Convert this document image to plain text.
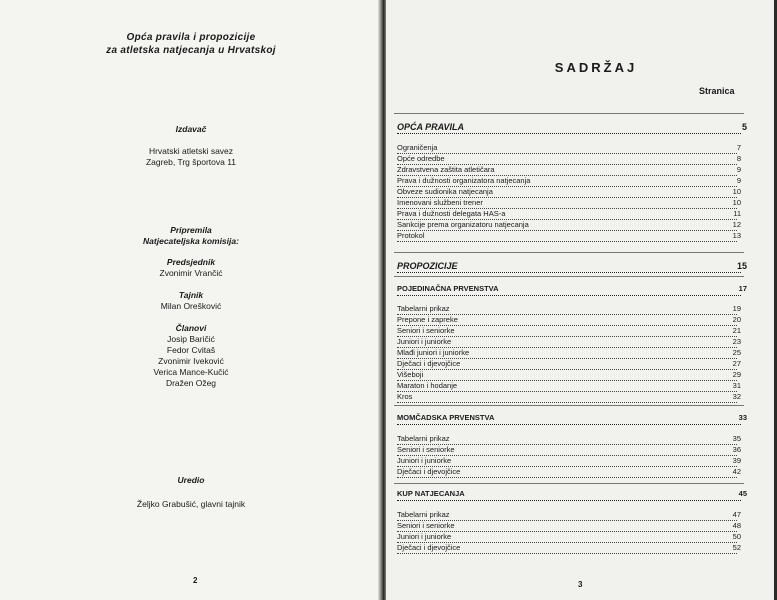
Opća pravila i propozicije
za atletska natjecanja u Hrvatskoj
Izdavač
Hrvatski atletski savez
Zagreb, Trg športova 11
Pripremila
Natjecateljska komisija:
Predsjednik
Zvonimir Vrančić
Tajnik
Milan Orešković
Članovi
Josip Baričić
Fedor Cvitaš
Zvonimir Iveković
Verica Mance-Kučić
Dražen Ožeg
Uredio
Željko Grabušić, glavni tajnik
2
SADRŽAJ
Stranica
OPĆA PRAVILA	5
Ograničenja	7
Opće odredbe	8
Zdravstvena zaštita atletičara	9
Prava i dužnosti organizatora natjecanja	9
Obveze sudionika natjecanja	10
Imenovani službeni trener	10
Prava i dužnosti delegata HAS-a	11
Sankcije prema organizatoru natjecanja	12
Protokol	13
PROPOZICIJE	15
POJEDINAČNA PRVENSTVA	17
Tabelarni prikaz	19
Prepone i zapreke	20
Seniori i seniorke	21
Juniori i juniorke	23
Mlađi juniori i juniorke	25
Dječaci i djevojčice	27
Višeboji	29
Maraton i hodanje	31
Kros	32
MOMČADSKA PRVENSTVA	33
Tabelarni prikaz	35
Seniori i seniorke	36
Juniori i juniorke	39
Dječaci i djevojčice	42
KUP NATJECANJA	45
Tabelarni prikaz	47
Seniori i seniorke	48
Juniori i juniorke	50
Dječaci i djevojčice	52
3
